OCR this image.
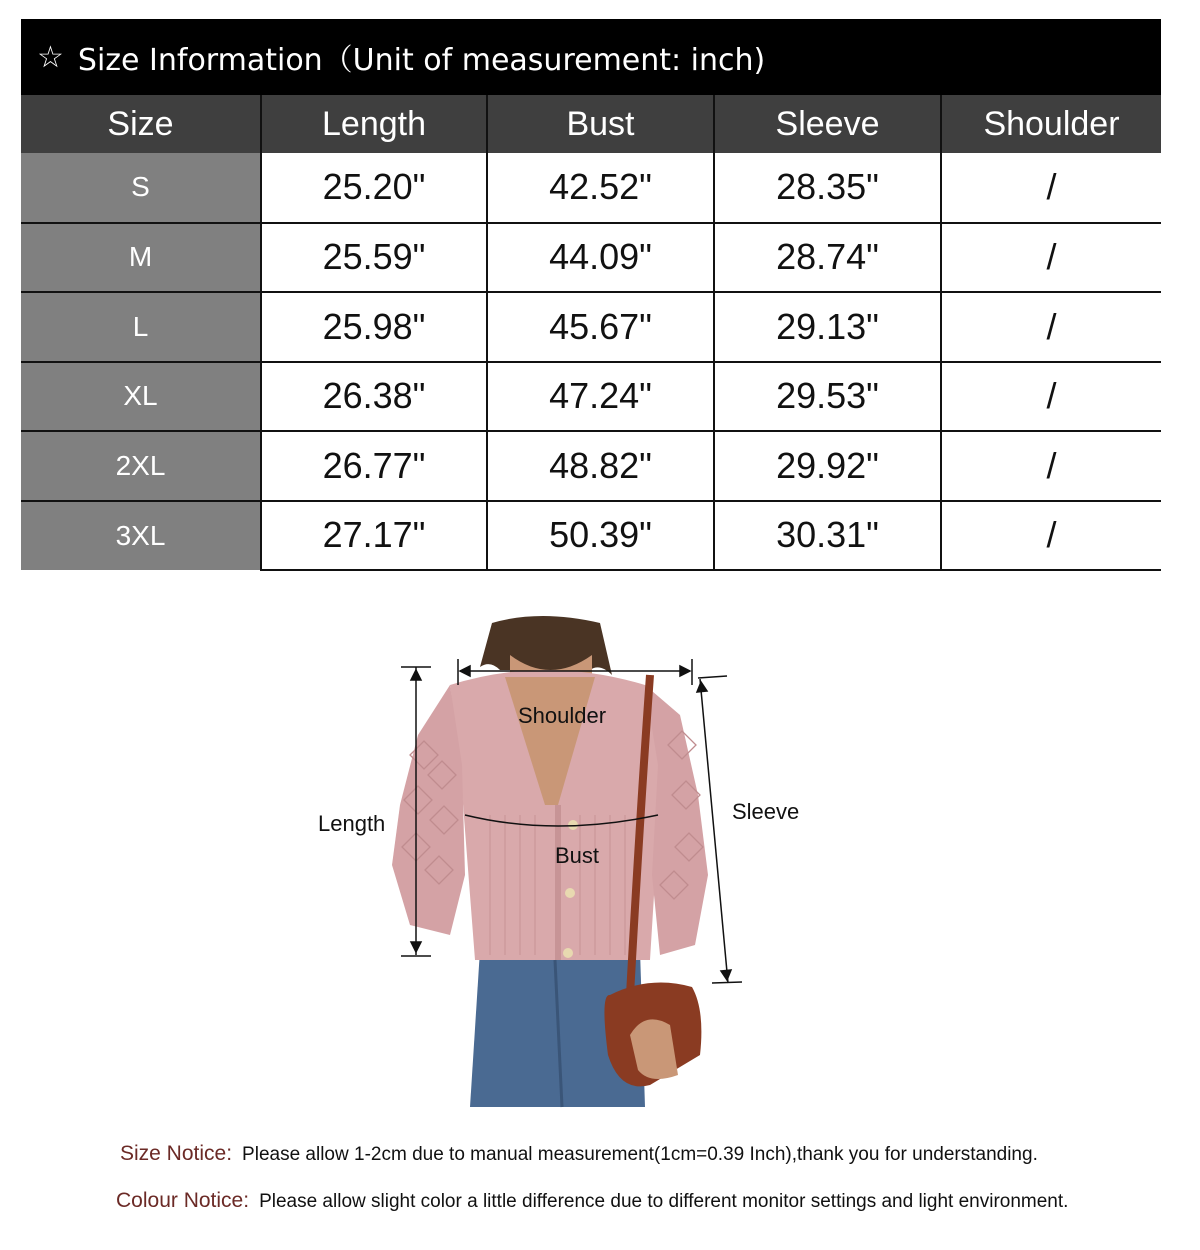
☆ Size Information（Unit of measurement: inch)
Size	Length	Bust	Sleeve	Shoulder
S	25.20"	42.52"	28.35"	/
M	25.59"	44.09"	28.74"	/
L	25.98"	45.67"	29.13"	/
XL	26.38"	47.24"	29.53"	/
2XL	26.77"	48.82"	29.92"	/
3XL	27.17"	50.39"	30.31"	/
Shoulder
Length
Bust
Sleeve
Size Notice: Please allow 1-2cm due to manual measurement(1cm=0.39 Inch),thank you for understanding.
Colour Notice: Please allow slight color a little difference due to different monitor settings and light environment.
